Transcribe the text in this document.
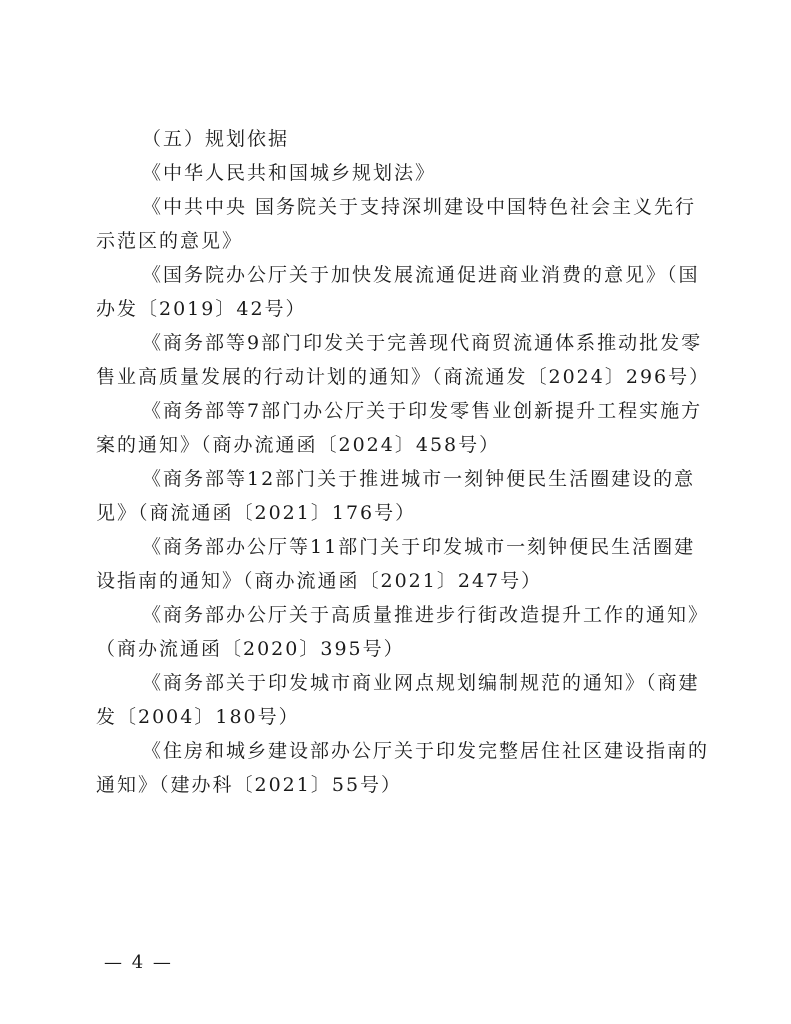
（五）规划依据

《中华人民共和国城乡规划法》

《中共中央 国务院关于支持深圳建设中国特色社会主义先行
示范区的意见》

《国务院办公厅关于加快发展流通促进商业消费的意见》（国
办发〔2019〕42号）

《商务部等9部门印发关于完善现代商贸流通体系推动批发零
售业高质量发展的行动计划的通知》（商流通发〔2024〕296号）

《商务部等7部门办公厅关于印发零售业创新提升工程实施方
案的通知》（商办流通函〔2024〕458号）

《商务部等12部门关于推进城市一刻钟便民生活圈建设的意
见》（商流通函〔2021〕176号）

《商务部办公厅等11部门关于印发城市一刻钟便民生活圈建
设指南的通知》（商办流通函〔2021〕247号）

《商务部办公厅关于高质量推进步行街改造提升工作的通知》
（商办流通函〔2020〕395号）

《商务部关于印发城市商业网点规划编制规范的通知》（商建
发〔2004〕180号）

《住房和城乡建设部办公厅关于印发完整居住社区建设指南的
通知》（建办科〔2021〕55号）

— 4 —
